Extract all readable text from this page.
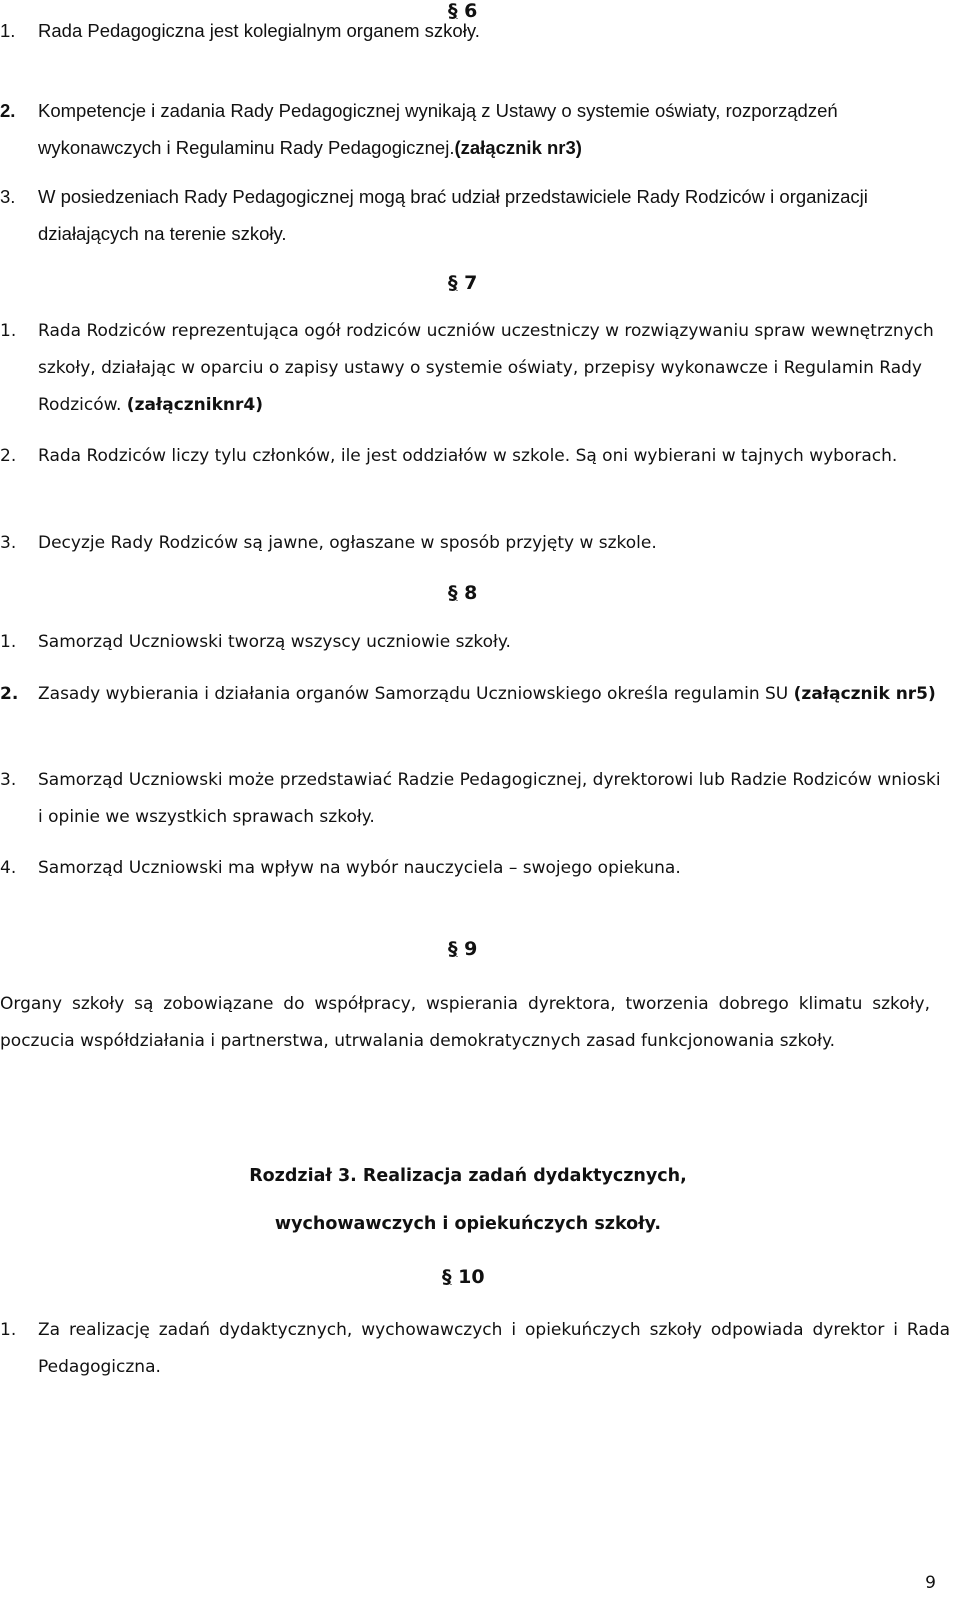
§ 6
1. Rada Pedagogiczna jest kolegialnym organem szkoły.
2. Kompetencje i zadania Rady Pedagogicznej wynikają z Ustawy o systemie oświaty, rozporządzeń wykonawczych i Regulaminu Rady Pedagogicznej.(załącznik nr3)
3. W posiedzeniach Rady Pedagogicznej mogą brać udział przedstawiciele Rady Rodziców i organizacji działających na terenie szkoły.
§ 7
1. Rada Rodziców reprezentująca ogół rodziców uczniów uczestniczy w rozwiązywaniu spraw wewnętrznych szkoły, działając w oparciu o zapisy ustawy o systemie oświaty, przepisy wykonawcze i Regulamin Rady Rodziców. (załączniknr4)
2. Rada Rodziców liczy tylu członków, ile jest oddziałów w szkole. Są oni wybierani w tajnych wyborach.
3. Decyzje Rady Rodziców są jawne, ogłaszane w sposób przyjęty w szkole.
§ 8
1. Samorząd Uczniowski tworzą wszyscy uczniowie szkoły.
2. Zasady wybierania i działania organów Samorządu Uczniowskiego określa regulamin SU (załącznik nr5)
3. Samorząd Uczniowski może przedstawiać Radzie Pedagogicznej, dyrektorowi lub Radzie Rodziców wnioski i opinie we wszystkich sprawach szkoły.
4. Samorząd Uczniowski ma wpływ na wybór nauczyciela – swojego opiekuna.
§ 9
Organy szkoły są zobowiązane do współpracy, wspierania dyrektora, tworzenia dobrego klimatu szkoły, poczucia współdziałania i partnerstwa, utrwalania demokratycznych zasad funkcjonowania szkoły.
Rozdział 3. Realizacja zadań dydaktycznych,
wychowawczych i opiekuńczych szkoły.
§ 10
1. Za realizację zadań dydaktycznych, wychowawczych i opiekuńczych szkoły odpowiada dyrektor i Rada Pedagogiczna.
9
